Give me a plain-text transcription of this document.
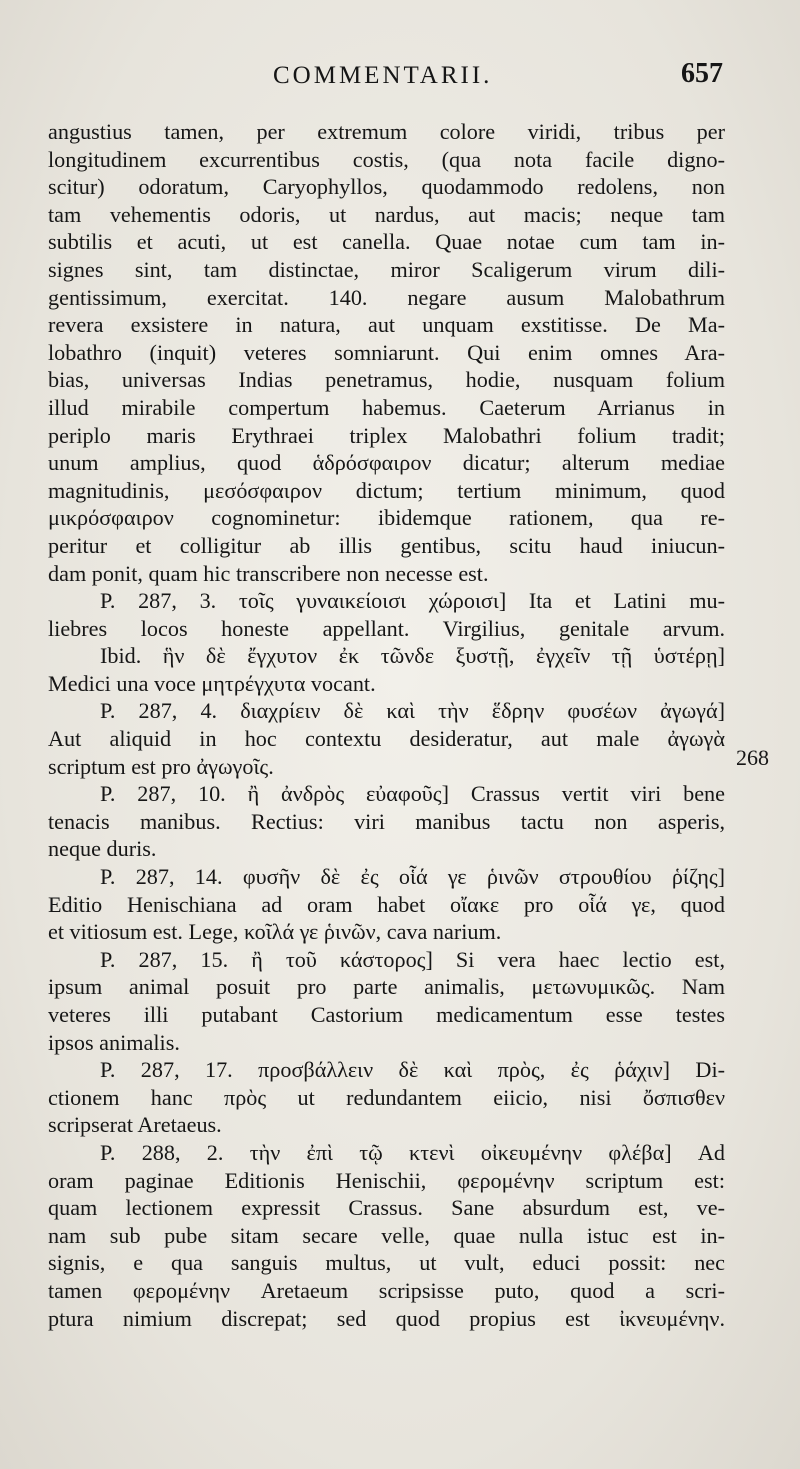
COMMENTARII.	657
angustius tamen, per extremum colore viridi, tribus per
longitudinem excurrentibus costis, (qua nota facile digno-
scitur) odoratum, Caryophyllos, quodammodo redolens, non
tam vehementis odoris, ut nardus, aut macis; neque tam
subtilis et acuti, ut est canella. Quae notae cum tam in-
signes sint, tam distinctae, miror Scaligerum virum dili-
gentissimum, exercitat. 140. negare ausum Malobathrum
revera exsistere in natura, aut unquam exstitisse. De Ma-
lobathro (inquit) veteres somniarunt. Qui enim omnes Ara-
bias, universas Indias penetramus, hodie, nusquam folium
illud mirabile compertum habemus. Caeterum Arrianus in
periplo maris Erythraei triplex Malobathri folium tradit;
unum amplius, quod ἁδρόσφαιρον dicatur; alterum mediae
magnitudinis, μεσόσφαιρον dictum; tertium minimum, quod
μικρόσφαιρον cognominetur: ibidemque rationem, qua re-
peritur et colligitur ab illis gentibus, scitu haud iniucun-
dam ponit, quam hic transcribere non necesse est.
P. 287, 3. τοῖς γυναικείοισι χώροισι] Ita et Latini mu-
liebres locos honeste appellant. Virgilius, genitale arvum.
Ibid. ἣν δὲ ἔγχυτον ἐκ τῶνδε ξυστῇ, ἐγχεῖν τῇ ὑστέρῃ]
Medici una voce μητρέγχυτα vocant.
P. 287, 4. διαχρίειν δὲ καὶ τὴν ἕδρην φυσέων ἀγωγά]
Aut aliquid in hoc contextu desideratur, aut male ἀγωγὰ
scriptum est pro ἀγωγοῖς.
P. 287, 10. ἢ ἀνδρὸς εὐαφοῦς] Crassus vertit viri bene
tenacis manibus. Rectius: viri manibus tactu non asperis,
neque duris.
P. 287, 14. φυσῆν δὲ ἐς οἷά γε ῥινῶν στρουθίου ῥίζης]
Editio Henischiana ad oram habet οἴακε pro οἷά γε, quod
et vitiosum est. Lege, κοῖλά γε ῥινῶν, cava narium.
P. 287, 15. ἢ τοῦ κάστορος] Si vera haec lectio est,
ipsum animal posuit pro parte animalis, μετωνυμικῶς. Nam
veteres illi putabant Castorium medicamentum esse testes
ipsos animalis.
P. 287, 17. προσβάλλειν δὲ καὶ πρὸς, ἐς ῥάχιν] Di-
ctionem hanc πρὸς ut redundantem eiicio, nisi ὄσπισθεν
scripserat Aretaeus.
P. 288, 2. τὴν ἐπὶ τῷ κτενὶ οἰκευμένην φλέβα] Ad
oram paginae Editionis Henischii, φερομένην scriptum est:
quam lectionem expressit Crassus. Sane absurdum est, ve-
nam sub pube sitam secare velle, quae nulla istuc est in-
signis, e qua sanguis multus, ut vult, educi possit: nec
tamen φερομένην Aretaeum scripsisse puto, quod a scri-
ptura nimium discrepat; sed quod propius est ἰκνευμένην.
268
